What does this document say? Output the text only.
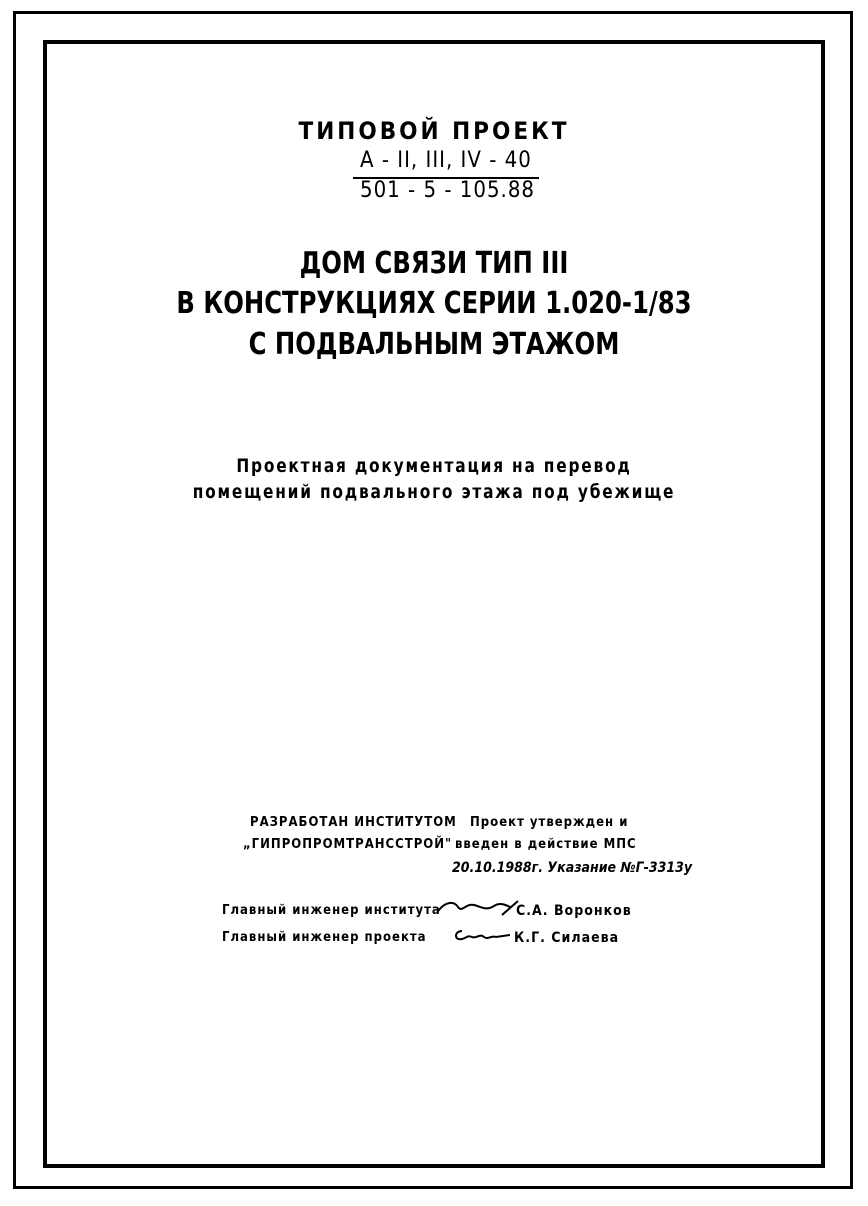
ТИПОВОЙ ПРОЕКТ
А - II, III, IV - 40
501 - 5 - 105.88
ДОМ СВЯЗИ ТИП III
В КОНСТРУКЦИЯХ СЕРИИ 1.020-1/83
С ПОДВАЛЬНЫМ ЭТАЖОМ
Проектная документация на перевод
помещений подвального этажа под убежище
РАЗРАБОТАН ИНСТИТУТОМ
„ГИПРОПРОМТРАНССТРОЙ"
Проект утвержден и
введен в действие МПС
20.10.1988г. Указание №Г-3313у
Главный инженер института	С.А. Воронков
Главный инженер проекта	К.Г. Силаева
